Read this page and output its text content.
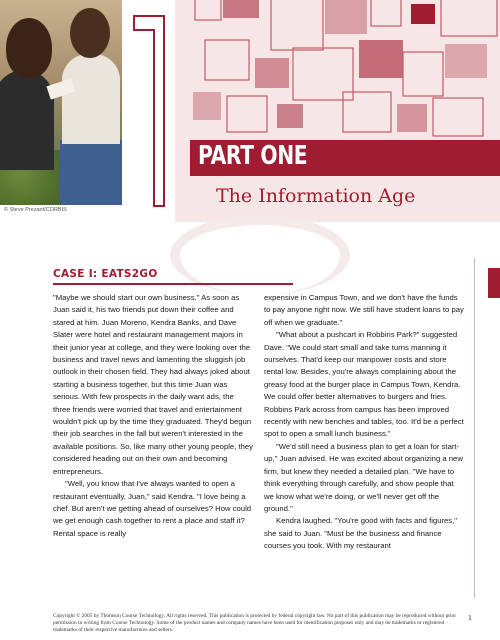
© Steve Prezant/CORBIS
PART ONE
The Information Age
CASE I: EATS2GO

"Maybe we should start our own business." As soon as Juan said it, his two friends put down their coffee and stared at him. Juan Moreno, Kendra Banks, and Dave Slater were hotel and restaurant management majors in their junior year at college, and they were looking over the business and travel news and lamenting the sluggish job outlook in their chosen field. They had always joked about starting a business together, but this time Juan was serious. With few prospects in the daily want ads, the three friends were worried that travel and entertainment wouldn't pick up by the time they graduated. They'd begun their job searches in the fall but weren't interested in the available positions. So, like many other young people, they considered heading out on their own and becoming entrepreneurs.

"Well, you know that I've always wanted to open a restaurant eventually, Juan," said Kendra. "I love being a chef. But aren't we getting ahead of ourselves? How could we get enough cash together to rent a place and staff it? Rental space is really

expensive in Campus Town, and we don't have the funds to pay anyone right now. We still have student loans to pay off when we graduate."

"What about a pushcart in Robbins Park?" suggested Dave. "We could start small and take turns manning it ourselves. That'd keep our manpower costs and store rental low. Besides, you're always complaining about the greasy food at the burger place in Campus Town, Kendra. We could offer better alternatives to burgers and fries. Robbins Park across from campus has been improved recently with new benches and tables, too. It'd be a perfect spot to open a small lunch business."

"We'd still need a business plan to get a loan for start-up," Juan advised. He was excited about organizing a new firm, but knew they needed a detailed plan. "We have to think everything through carefully, and show people that we know what we're doing, or we'll never get off the ground."

Kendra laughed. "You're good with facts and figures," she said to Juan. "Must be the business and finance courses you took. With my restaurant

Copyright © 2005 by Thomson Course Technology. All rights reserved. This publication is protected by federal copyright law. No part of this publication may be reproduced without prior permission in writing from Course Technology. Some of the product names and company names have been used for identification purposes only and may be trademarks or registered trademarks of their respective manufactures and sellers.
1
